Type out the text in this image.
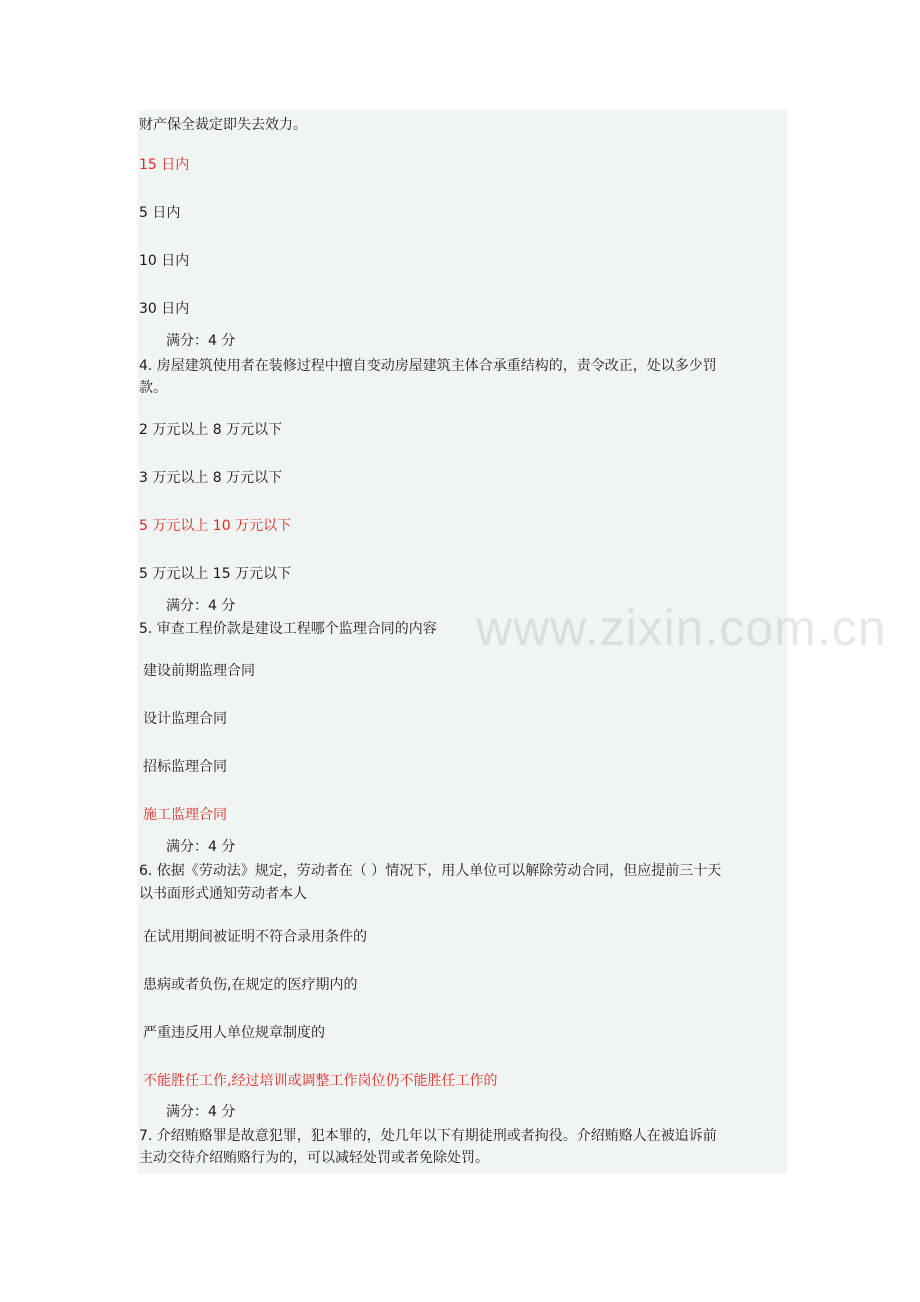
财产保全裁定即失去效力。
15 日内
5 日内
10 日内
30 日内
满分：4 分
4. 房屋建筑使用者在装修过程中擅自变动房屋建筑主体合承重结构的，责令改正，处以多少罚
款。
2 万元以上 8 万元以下
3 万元以上 8 万元以下
5 万元以上 10 万元以下
5 万元以上 15 万元以下
满分：4 分
5. 审查工程价款是建设工程哪个监理合同的内容
建设前期监理合同
设计监理合同
招标监理合同
施工监理合同
满分：4 分
6. 依据《劳动法》规定，劳动者在（ ）情况下，用人单位可以解除劳动合同，但应提前三十天
以书面形式通知劳动者本人
在试用期间被证明不符合录用条件的
患病或者负伤,在规定的医疗期内的
严重违反用人单位规章制度的
不能胜任工作,经过培训或调整工作岗位仍不能胜任工作的
满分：4 分
7. 介绍贿赂罪是故意犯罪，犯本罪的，处几年以下有期徒刑或者拘役。介绍贿赂人在被追诉前
主动交待介绍贿赂行为的，可以减轻处罚或者免除处罚。
www.zixin.com.cn
